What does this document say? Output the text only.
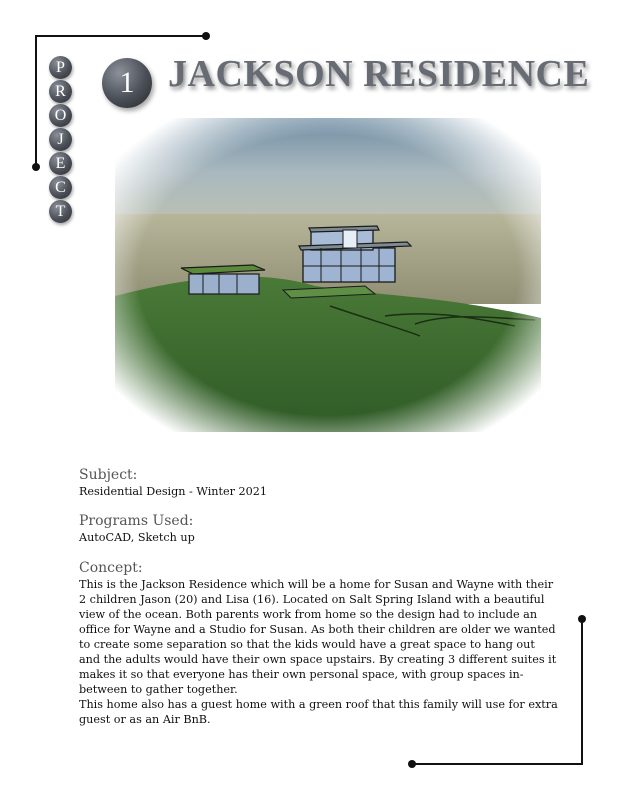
P
R
O
J
E
C
T
1 JACKSON RESIDENCE
Subject:

Residential Design - Winter 2021

Programs Used:

AutoCAD, Sketch up

Concept:

This is the Jackson Residence which will be a home for Susan and Wayne with their 2 children Jason (20) and Lisa (16). Located on Salt Spring Island with a beautiful view of the ocean. Both parents work from home so the design had to include an office for Wayne and a Studio for Susan. As both their children are older we wanted to create some separation so that the kids would have a great space to hang out and the adults would have their own space upstairs. By creating 3 different suites it makes it so that everyone has their own personal space, with group spaces in-between to gather together.

This home also has a guest home with a green roof that this family will use for extra guest or as an Air BnB.
